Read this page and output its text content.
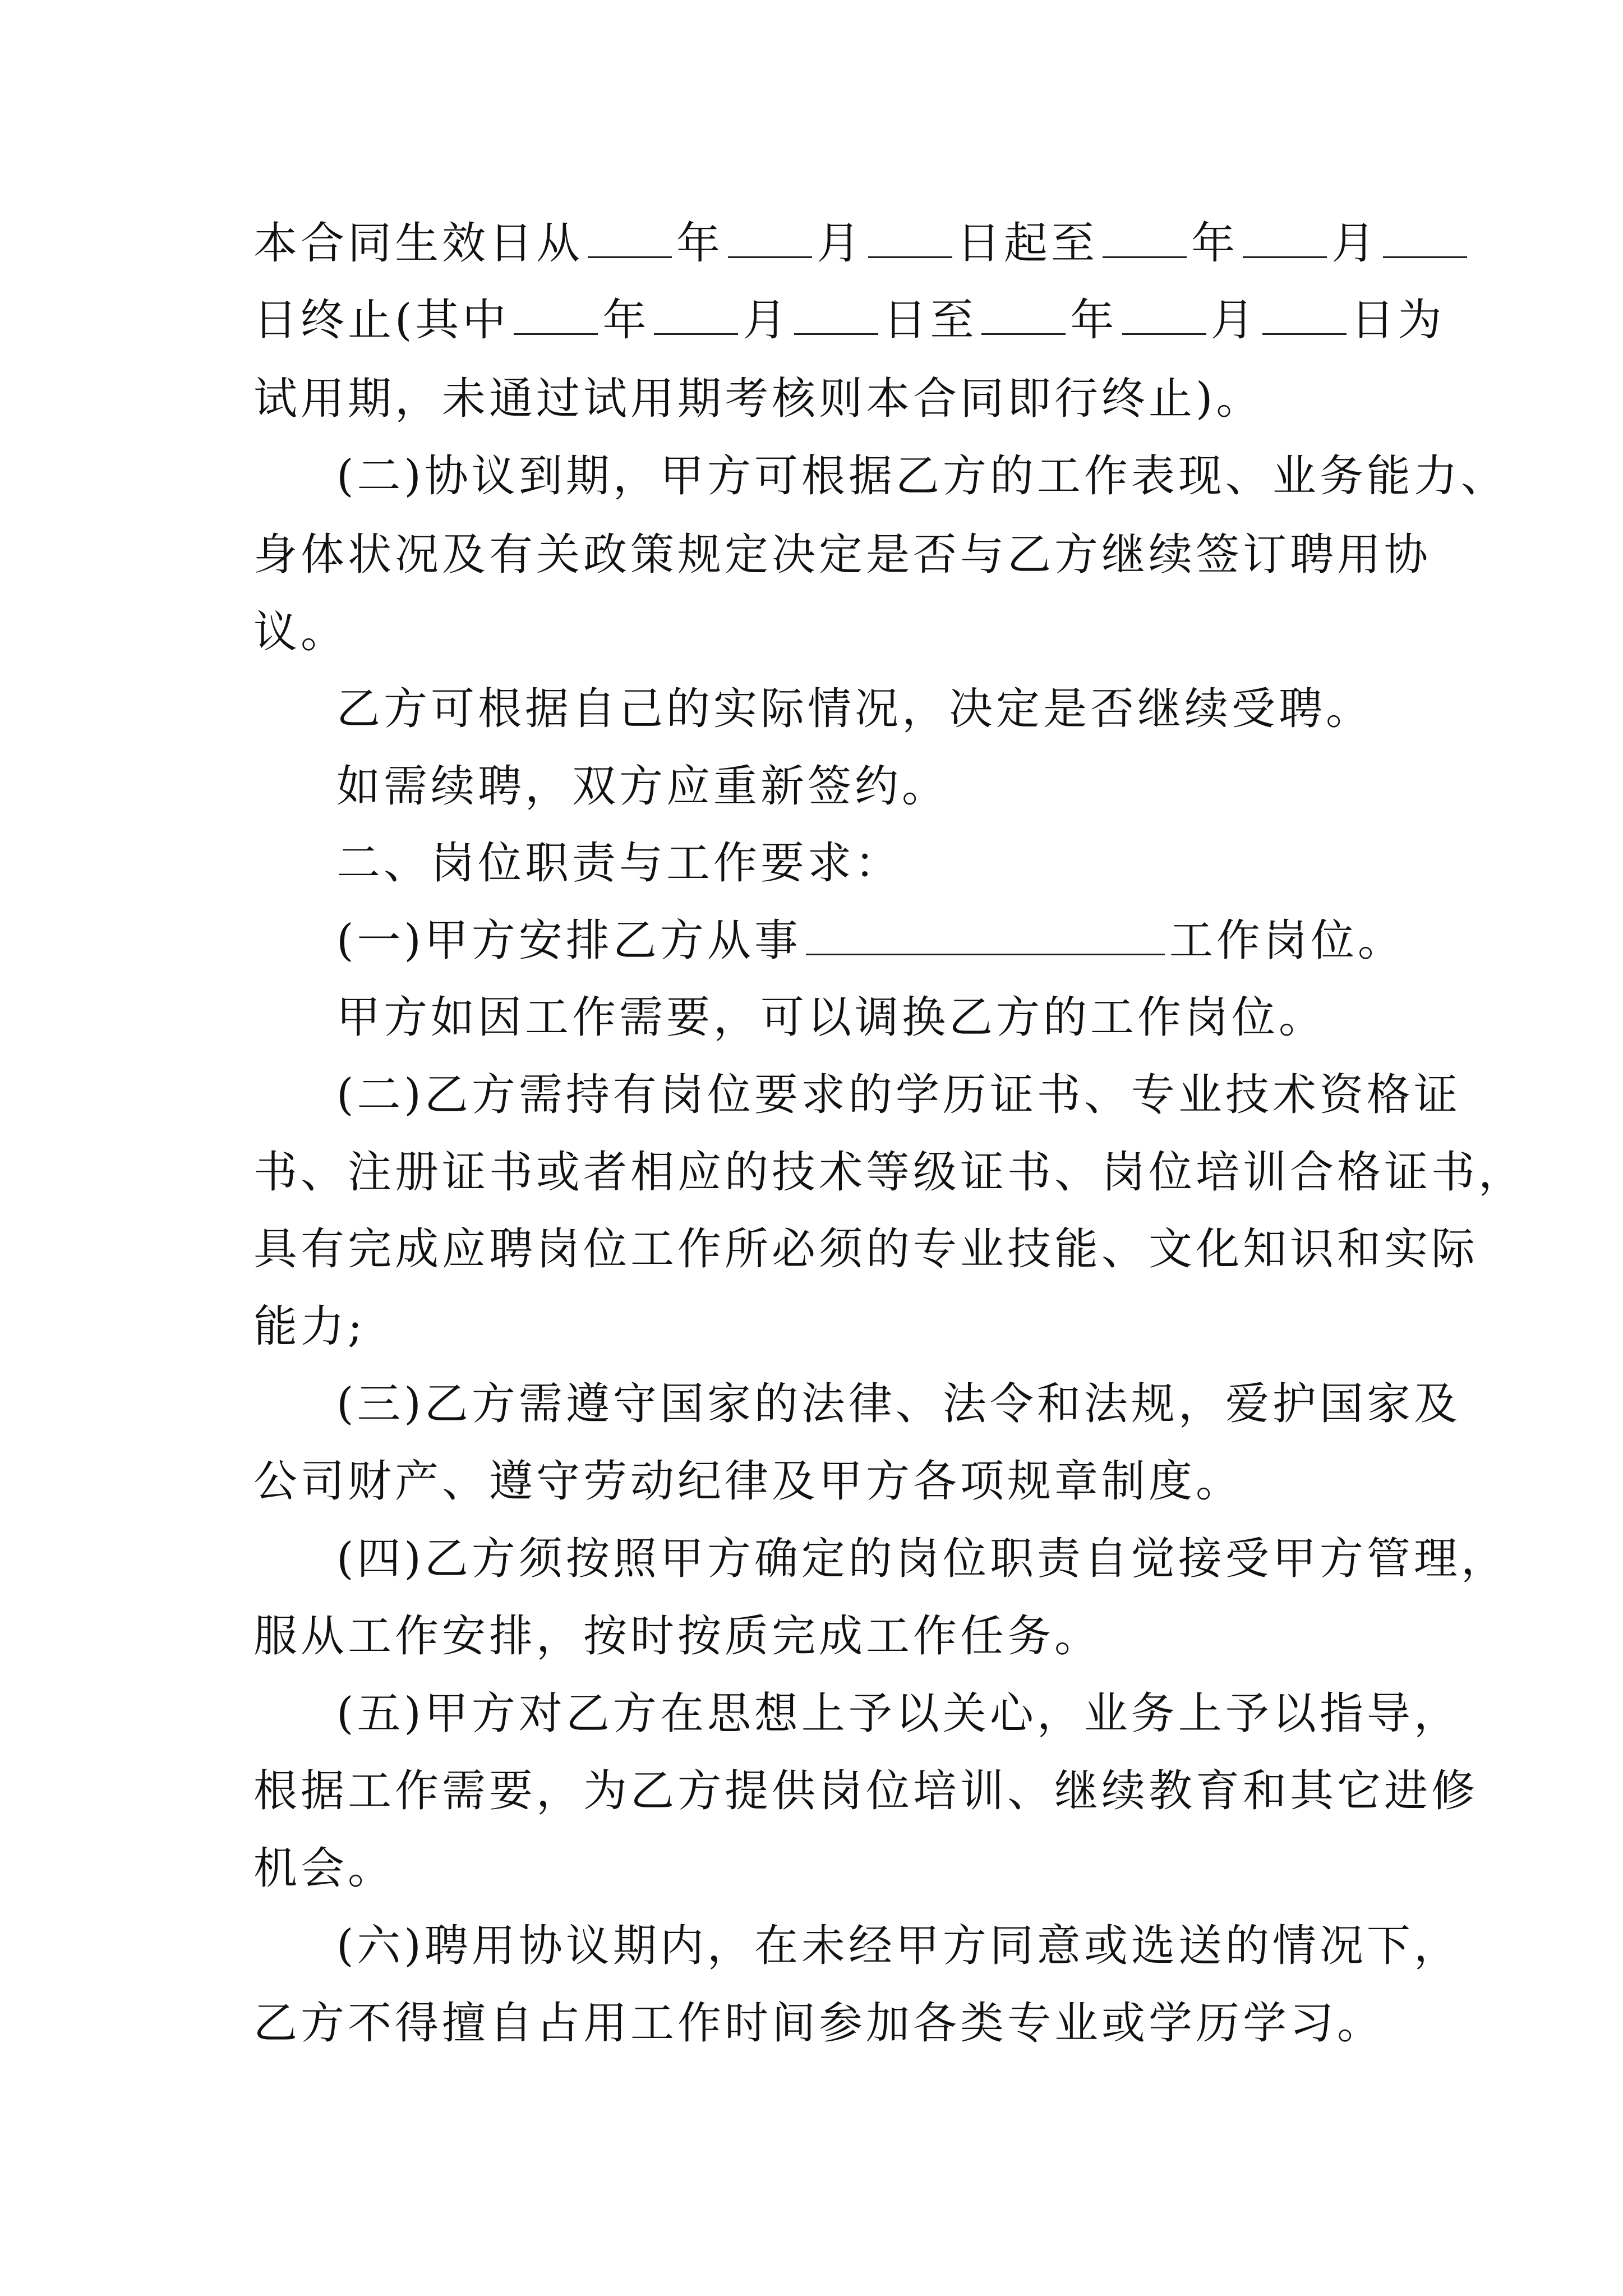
本合同生效日从 年 月 日起至 年 月
日终止(其中 年 月 日至 年 月 日为
试用期，未通过试用期考核则本合同即行终止)。
(二)协议到期，甲方可根据乙方的工作表现、业务能力、
身体状况及有关政策规定决定是否与乙方继续签订聘用协
议。
乙方可根据自己的实际情况，决定是否继续受聘。
如需续聘，双方应重新签约。
二、岗位职责与工作要求：
(一)甲方安排乙方从事	工作岗位。
甲方如因工作需要，可以调换乙方的工作岗位。
(二)乙方需持有岗位要求的学历证书、专业技术资格证
书、注册证书或者相应的技术等级证书、岗位培训合格证书，
具有完成应聘岗位工作所必须的专业技能、文化知识和实际
能力;
(三)乙方需遵守国家的法律、法令和法规，爱护国家及
公司财产、遵守劳动纪律及甲方各项规章制度。
(四)乙方须按照甲方确定的岗位职责自觉接受甲方管理，
服从工作安排，按时按质完成工作任务。
(五)甲方对乙方在思想上予以关心，业务上予以指导，
根据工作需要，为乙方提供岗位培训、继续教育和其它进修
机会。
(六)聘用协议期内，在未经甲方同意或选送的情况下，
乙方不得擅自占用工作时间参加各类专业或学历学习。
